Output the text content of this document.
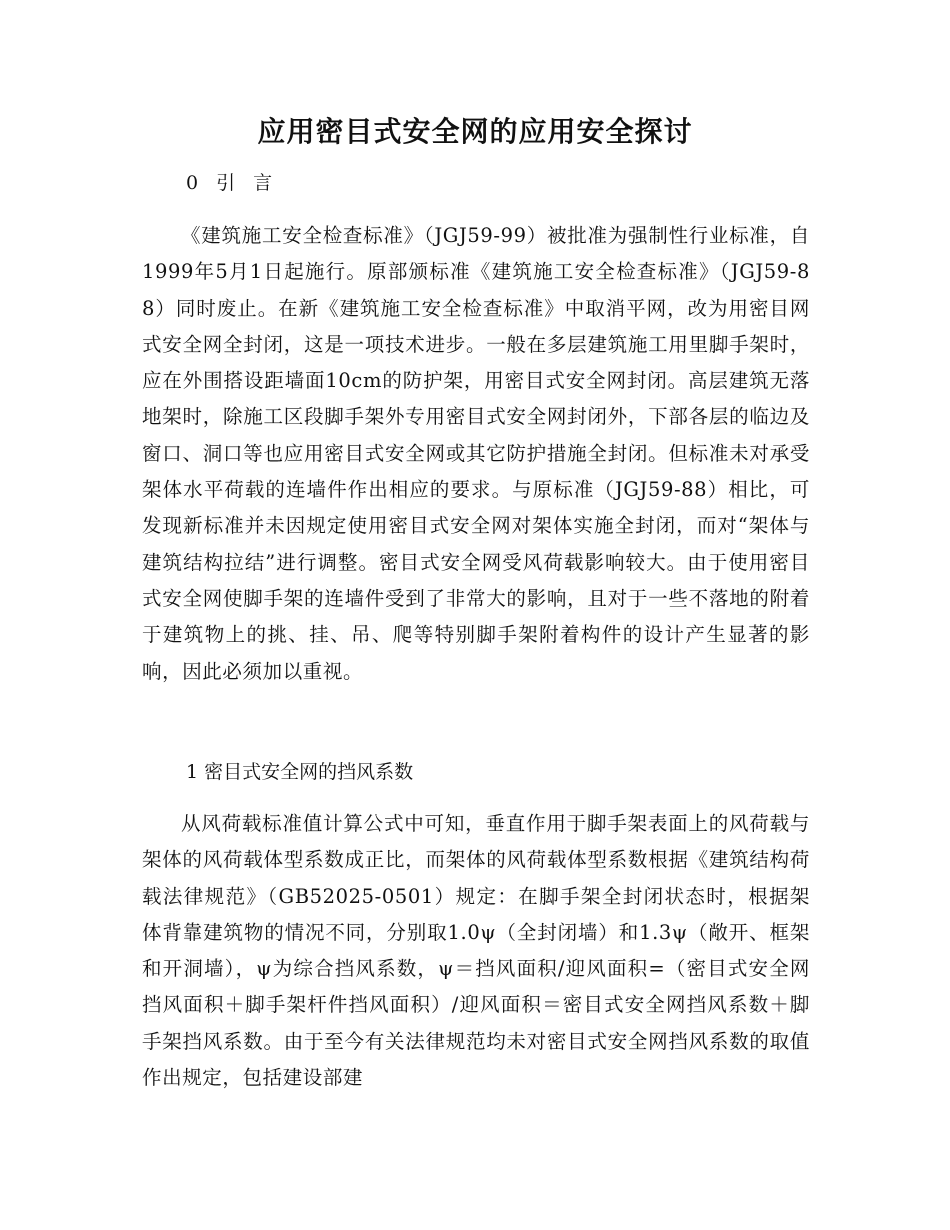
应用密目式安全网的应用安全探讨
0 引 言
《建筑施工安全检查标准》（JGJ59-99）被批准为强制性行业标准，自1999年5月1日起施行。原部颁标准《建筑施工安全检查标准》（JGJ59-88）同时废止。在新《建筑施工安全检查标准》中取消平网，改为用密目网式安全网全封闭，这是一项技术进步。一般在多层建筑施工用里脚手架时，应在外围搭设距墙面10cm的防护架，用密目式安全网封闭。高层建筑无落地架时，除施工区段脚手架外专用密目式安全网封闭外，下部各层的临边及窗口、洞口等也应用密目式安全网或其它防护措施全封闭。但标准未对承受架体水平荷载的连墙件作出相应的要求。与原标准（JGJ59-88）相比，可发现新标准并未因规定使用密目式安全网对架体实施全封闭，而对“架体与建筑结构拉结”进行调整。密目式安全网受风荷载影响较大。由于使用密目式安全网使脚手架的连墙件受到了非常大的影响，且对于一些不落地的附着于建筑物上的挑、挂、吊、爬等特别脚手架附着构件的设计产生显著的影响，因此必须加以重视。
1 密目式安全网的挡风系数
从风荷载标准值计算公式中可知，垂直作用于脚手架表面上的风荷载与架体的风荷载体型系数成正比，而架体的风荷载体型系数根据《建筑结构荷载法律规范》（GB52025-0501）规定：在脚手架全封闭状态时，根据架体背靠建筑物的情况不同，分别取1.0ψ（全封闭墙）和1.3ψ（敞开、框架和开洞墙），ψ为综合挡风系数，ψ＝挡风面积/迎风面积=（密目式安全网挡风面积＋脚手架杆件挡风面积）/迎风面积＝密目式安全网挡风系数＋脚手架挡风系数。由于至今有关法律规范均未对密目式安全网挡风系数的取值作出规定，包括建设部建
